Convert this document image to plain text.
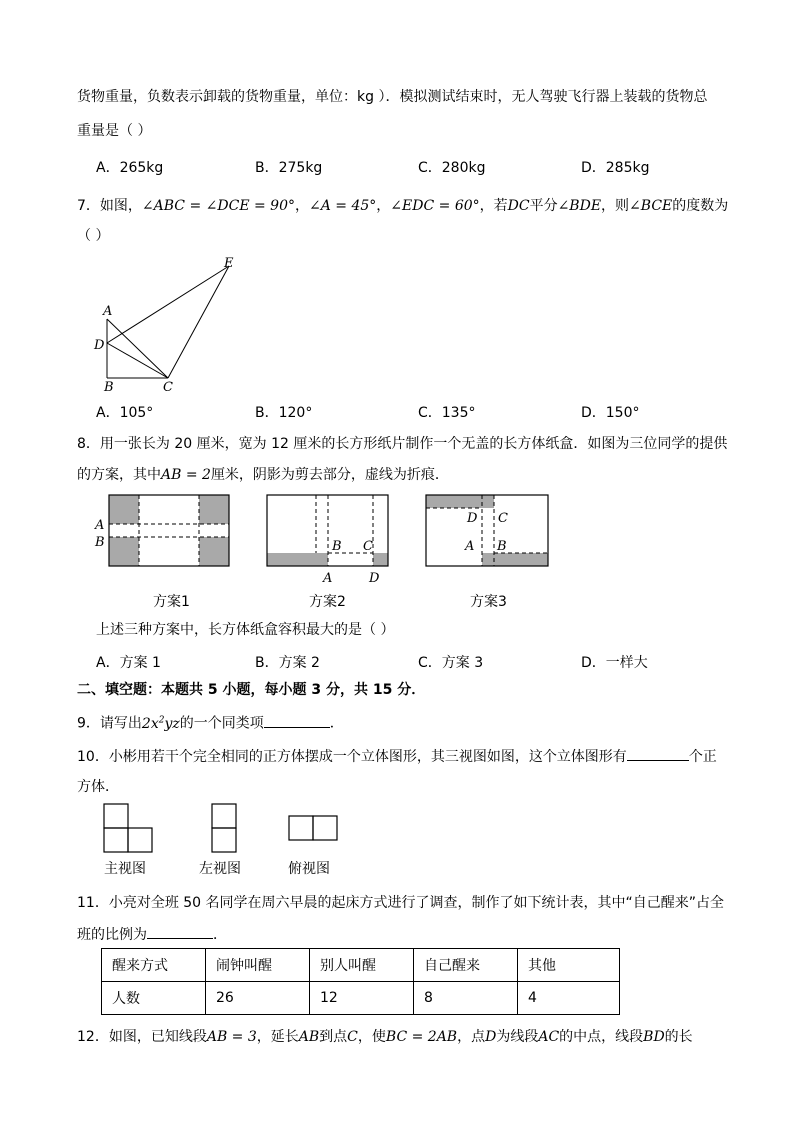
货物重量，负数表示卸载的货物重量，单位：kg ）．模拟测试结束时，无人驾驶飞行器上装载的货物总
重量是（ ）
A．265kg	B．275kg	C．280kg	D．285kg
7．如图，∠ABC = ∠DCE = 90°，∠A = 45°，∠EDC = 60°，若DC平分∠BDE，则∠BCE的度数为
（ ）
E
A
D
B	C
A．105°	B．120°	C．135°	D．150°
8．用一张长为 20 厘米，宽为 12 厘米的长方形纸片制作一个无盖的长方体纸盒．如图为三位同学的提供
的方案，其中AB = 2厘米，阴影为剪去部分，虚线为折痕．
A
B	B C
A	D
D C
A B
方案1	方案2	方案3
上述三种方案中，长方体纸盒容积最大的是（ ）
A．方案 1	B．方案 2	C．方案 3	D．一样大
二、填空题：本题共 5 小题，每小题 3 分，共 15 分．
9．请写出$2x^2yz$的一个同类项	．
10．小彬用若干个完全相同的正方体摆成一个立体图形，其三视图如图，这个立体图形有	个正
方体．
主视图	左视图	俯视图
11．小亮对全班 50 名同学在周六早晨的起床方式进行了调查，制作了如下统计表，其中“自己醒来”占全
班的比例为	．
醒来方式	闹钟叫醒	别人叫醒	自己醒来	其他
人数	26	12	8	4
12．如图，已知线段AB = 3，延长AB到点C，使BC = 2AB，点D为线段AC的中点，线段BD的长
